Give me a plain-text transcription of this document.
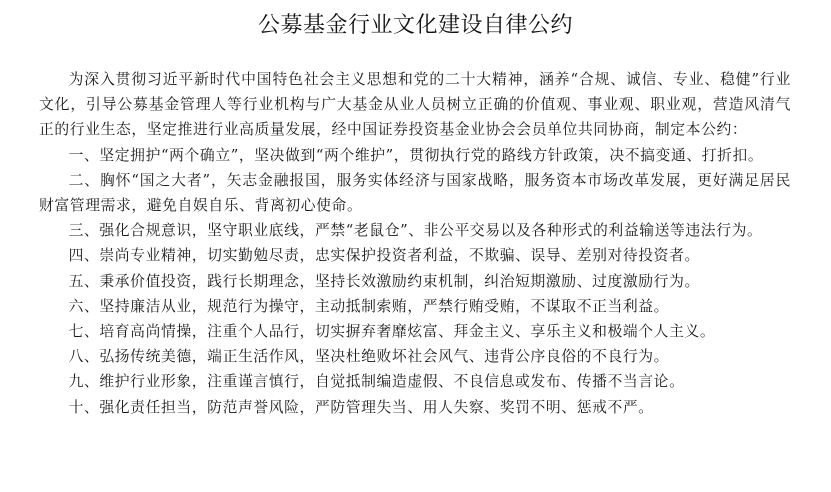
公募基金行业文化建设自律公约

为深入贯彻习近平新时代中国特色社会主义思想和党的二十大精神，涵养“合规、诚信、专业、稳健”行业文化，引导公募基金管理人等行业机构与广大基金从业人员树立正确的价值观、事业观、职业观，营造风清气正的行业生态，坚定推进行业高质量发展，经中国证券投资基金业协会会员单位共同协商，制定本公约：

一、坚定拥护“两个确立”，坚决做到“两个维护”，贯彻执行党的路线方针政策，决不搞变通、打折扣。

二、胸怀“国之大者”，矢志金融报国，服务实体经济与国家战略，服务资本市场改革发展，更好满足居民财富管理需求，避免自娱自乐、背离初心使命。

三、强化合规意识，坚守职业底线，严禁“老鼠仓”、非公平交易以及各种形式的利益输送等违法行为。

四、崇尚专业精神，切实勤勉尽责，忠实保护投资者利益，不欺骗、误导、差别对待投资者。

五、秉承价值投资，践行长期理念，坚持长效激励约束机制，纠治短期激励、过度激励行为。

六、坚持廉洁从业，规范行为操守，主动抵制索贿，严禁行贿受贿，不谋取不正当利益。

七、培育高尚情操，注重个人品行，切实摒弃奢靡炫富、拜金主义、享乐主义和极端个人主义。

八、弘扬传统美德，端正生活作风，坚决杜绝败坏社会风气、违背公序良俗的不良行为。

九、维护行业形象，注重谨言慎行，自觉抵制编造虚假、不良信息或发布、传播不当言论。

十、强化责任担当，防范声誉风险，严防管理失当、用人失察、奖罚不明、惩戒不严。
